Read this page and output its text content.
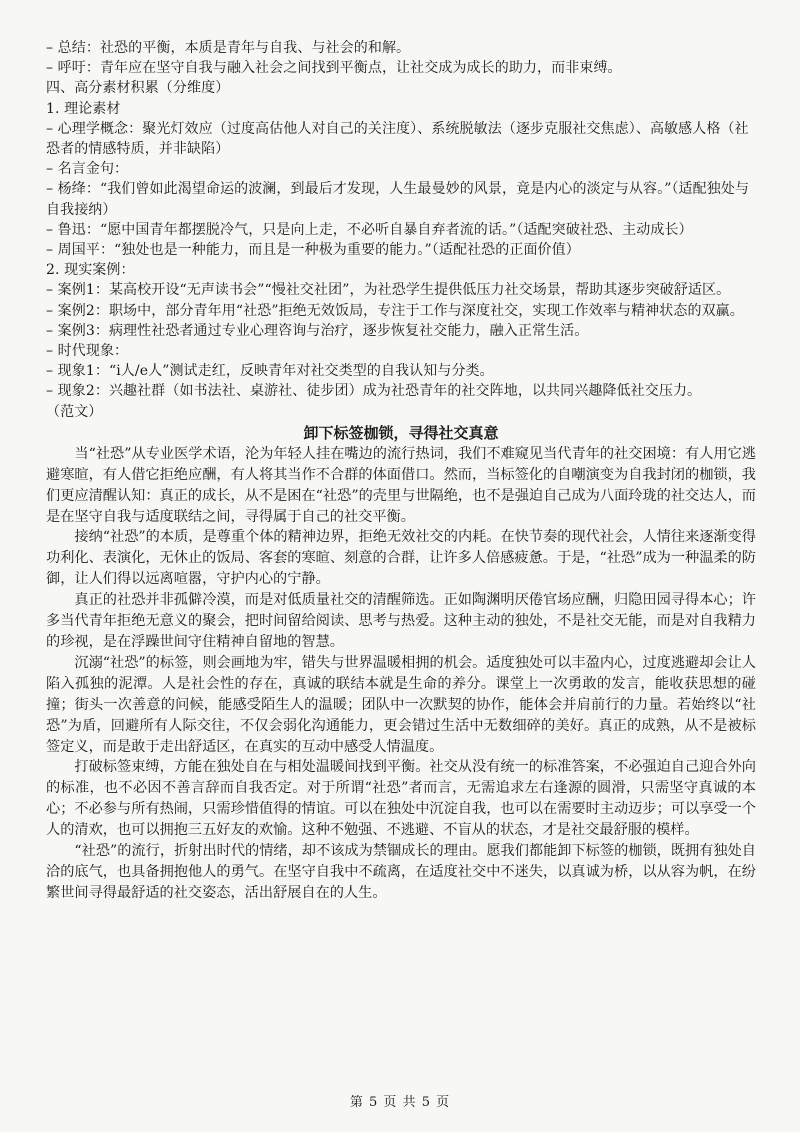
– 总结：社恐的平衡，本质是青年与自我、与社会的和解。
– 呼吁：青年应在坚守自我与融入社会之间找到平衡点，让社交成为成长的助力，而非束缚。
四、高分素材积累（分维度）
1. 理论素材
– 心理学概念：聚光灯效应（过度高估他人对自己的关注度）、系统脱敏法（逐步克服社交焦虑）、高敏感人格（社恐者的情感特质，并非缺陷）
– 名言金句：
– 杨绛：“我们曾如此渴望命运的波澜，到最后才发现，人生最曼妙的风景，竟是内心的淡定与从容。”（适配独处与自我接纳）
– 鲁迅：“愿中国青年都摆脱冷气，只是向上走，不必听自暴自弃者流的话。”（适配突破社恐、主动成长）
– 周国平：“独处也是一种能力，而且是一种极为重要的能力。”（适配社恐的正面价值）
2. 现实案例：
– 案例1：某高校开设“无声读书会”“慢社交社团”，为社恐学生提供低压力社交场景，帮助其逐步突破舒适区。
– 案例2：职场中，部分青年用“社恐”拒绝无效饭局，专注于工作与深度社交，实现工作效率与精神状态的双赢。
– 案例3：病理性社恐者通过专业心理咨询与治疗，逐步恢复社交能力，融入正常生活。
– 时代现象：
– 现象1：“i人/e人”测试走红，反映青年对社交类型的自我认知与分类。
– 现象2：兴趣社群（如书法社、桌游社、徒步团）成为社恐青年的社交阵地，以共同兴趣降低社交压力。
（范文）

卸下标签枷锁，寻得社交真意

当“社恐”从专业医学术语，沦为年轻人挂在嘴边的流行热词，我们不难窥见当代青年的社交困境：有人用它逃避寒暄，有人借它拒绝应酬，有人将其当作不合群的体面借口。然而，当标签化的自嘲演变为自我封闭的枷锁，我们更应清醒认知：真正的成长，从不是困在“社恐”的壳里与世隔绝，也不是强迫自己成为八面玲珑的社交达人，而是在坚守自我与适度联结之间，寻得属于自己的社交平衡。

接纳“社恐”的本质，是尊重个体的精神边界，拒绝无效社交的内耗。在快节奏的现代社会，人情往来逐渐变得功利化、表演化，无休止的饭局、客套的寒暄、刻意的合群，让许多人倍感疲惫。于是，“社恐”成为一种温柔的防御，让人们得以远离喧嚣，守护内心的宁静。

真正的社恐并非孤僻冷漠，而是对低质量社交的清醒筛选。正如陶渊明厌倦官场应酬，归隐田园寻得本心；许多当代青年拒绝无意义的聚会，把时间留给阅读、思考与热爱。这种主动的独处，不是社交无能，而是对自我精力的珍视，是在浮躁世间守住精神自留地的智慧。

沉溺“社恐”的标签，则会画地为牢，错失与世界温暖相拥的机会。适度独处可以丰盈内心，过度逃避却会让人陷入孤独的泥潭。人是社会性的存在，真诚的联结本就是生命的养分。课堂上一次勇敢的发言，能收获思想的碰撞；街头一次善意的问候，能感受陌生人的温暖；团队中一次默契的协作，能体会并肩前行的力量。若始终以“社恐”为盾，回避所有人际交往，不仅会弱化沟通能力，更会错过生活中无数细碎的美好。真正的成熟，从不是被标签定义，而是敢于走出舒适区，在真实的互动中感受人情温度。

打破标签束缚，方能在独处自在与相处温暖间找到平衡。社交从没有统一的标准答案，不必强迫自己迎合外向的标准，也不必因不善言辞而自我否定。对于所谓“社恐”者而言，无需追求左右逢源的圆滑，只需坚守真诚的本心；不必参与所有热闹，只需珍惜值得的情谊。可以在独处中沉淀自我，也可以在需要时主动迈步；可以享受一个人的清欢，也可以拥抱三五好友的欢愉。这种不勉强、不逃避、不盲从的状态，才是社交最舒服的模样。

“社恐”的流行，折射出时代的情绪，却不该成为禁锢成长的理由。愿我们都能卸下标签的枷锁，既拥有独处自洽的底气，也具备拥抱他人的勇气。在坚守自我中不疏离，在适度社交中不迷失，以真诚为桥，以从容为帆，在纷繁世间寻得最舒适的社交姿态，活出舒展自在的人生。

第 5 页 共 5 页
